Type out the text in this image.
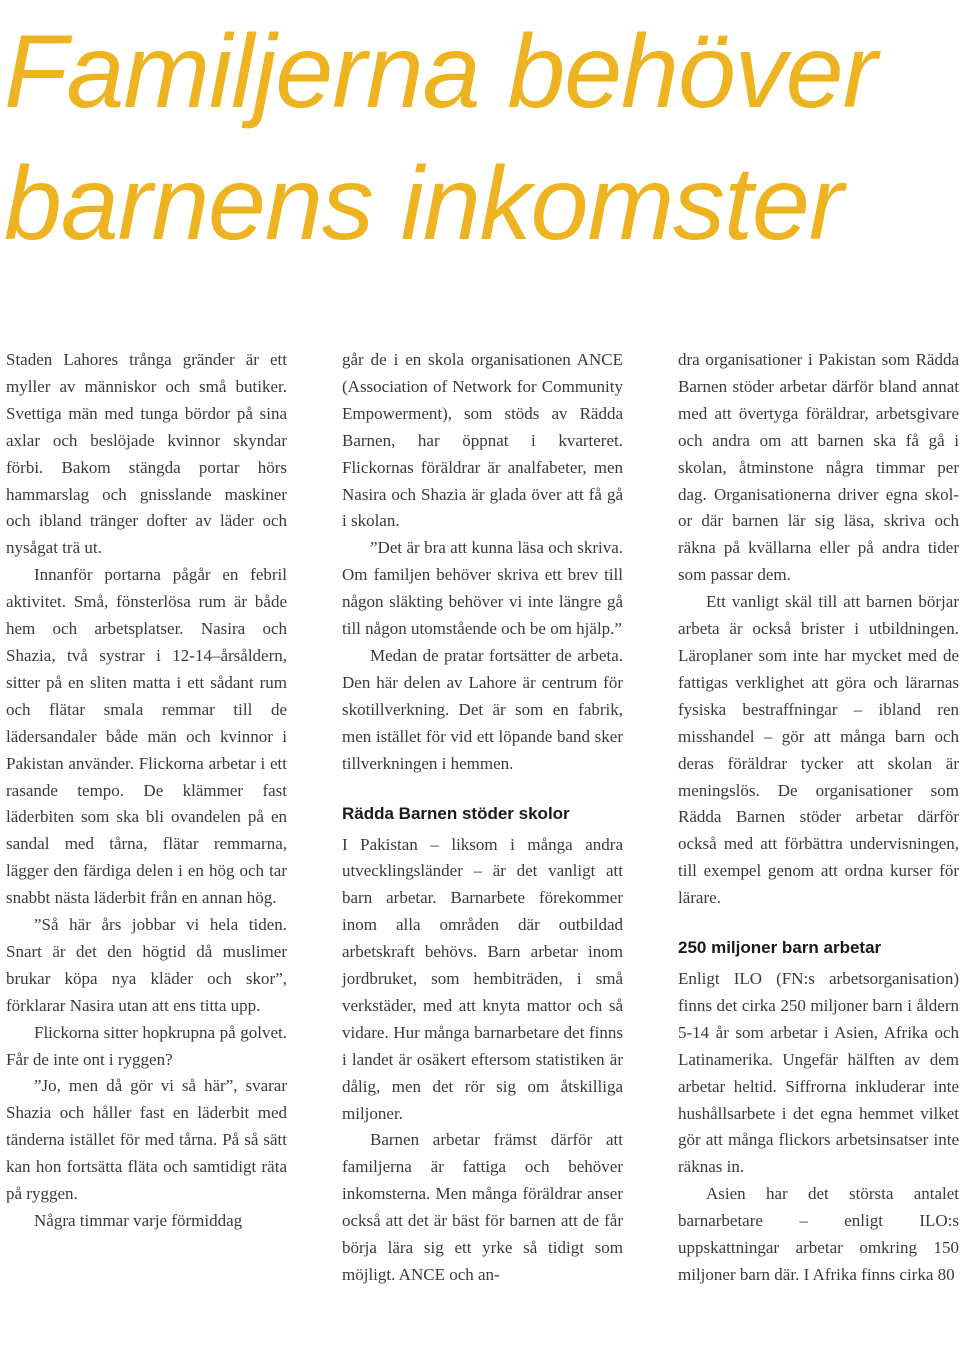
Familjerna behöver
barnens inkomster

Staden Lahores trånga gränder är ett myller av människor och små butiker. Svettiga män med tunga bördor på sina axlar och beslöjade kvinnor skyndar förbi. Bakom stängda portar hörs hammarslag och gnisslande maskiner och ibland tränger dofter av läder och nysågat trä ut.

Innanför portarna pågår en febril aktivitet. Små, fönsterlösa rum är både hem och arbetsplatser. Nasira och Shazia, två systrar i 12-14–årsåldern, sitter på en sliten matta i ett sådant rum och flätar smala remmar till de lädersandaler både män och kvinnor i Pakistan använder. Flickorna arbetar i ett rasande tempo. De klämmer fast läderbiten som ska bli ovandelen på en sandal med tårna, flätar remmarna, lägger den färdiga delen i en hög och tar snabbt nästa läderbit från en annan hög.

”Så här års jobbar vi hela tiden. Snart är det den högtid då muslimer brukar köpa nya kläder och skor”, förklarar Nasira utan att ens titta upp.

Flickorna sitter hopkrupna på golvet. Får de inte ont i ryggen?

”Jo, men då gör vi så här”, svarar Shazia och håller fast en läderbit med tänderna istället för med tårna. På så sätt kan hon fortsätta fläta och samtidigt räta på ryggen.

Några timmar varje förmiddag

går de i en skola organisationen ANCE (Association of Network for Community Empowerment), som stöds av Rädda Barnen, har öppnat i kvarteret. Flickornas föräldrar är analfabeter, men Nasira och Shazia är glada över att få gå i skolan.

”Det är bra att kunna läsa och skriva. Om familjen behöver skriva ett brev till någon släkting behöver vi inte längre gå till någon utomstående och be om hjälp.”

Medan de pratar fortsätter de arbeta. Den här delen av Lahore är centrum för skotillverkning. Det är som en fabrik, men istället för vid ett löpande band sker tillverkningen i hemmen.

Rädda Barnen stöder skolor

I Pakistan – liksom i många andra utvecklingsländer – är det vanligt att barn arbetar. Barnarbete förekommer inom alla områden där outbildad arbetskraft behövs. Barn arbetar inom jordbruket, som hembiträden, i små verkstäder, med att knyta mattor och så vidare. Hur många barnarbetare det finns i landet är osäkert eftersom statistiken är dålig, men det rör sig om åtskilliga miljoner.

Barnen arbetar främst därför att familjerna är fattiga och behöver inkomsterna. Men många föräldrar anser också att det är bäst för barnen att de får börja lära sig ett yrke så tidigt som möjligt. ANCE och an-

dra organisationer i Pakistan som Rädda Barnen stöder arbetar därför bland annat med att övertyga föräldrar, arbetsgivare och andra om att barnen ska få gå i skolan, åtminstone några timmar per dag. Organisationerna driver egna skol- or där barnen lär sig läsa, skriva och räkna på kvällarna eller på andra tider som passar dem.

Ett vanligt skäl till att barnen börjar arbeta är också brister i utbildningen. Läroplaner som inte har mycket med de fattigas verklighet att göra och lärarnas fysiska bestraffningar – ibland ren misshandel – gör att många barn och deras föräldrar tycker att skolan är meningslös. De organisationer som Rädda Barnen stöder arbetar därför också med att förbättra undervisningen, till exempel genom att ordna kurser för lärare.

250 miljoner barn arbetar

Enligt ILO (FN:s arbetsorganisation) finns det cirka 250 miljoner barn i åldern 5-14 år som arbetar i Asien, Afrika och Latinamerika. Ungefär hälften av dem arbetar heltid. Siffrorna inkluderar inte hushållsarbete i det egna hemmet vilket gör att många flickors arbetsinsatser inte räknas in.

Asien har det största antalet barnarbetare – enligt ILO:s uppskattningar arbetar omkring 150 miljoner barn där. I Afrika finns cirka 80
